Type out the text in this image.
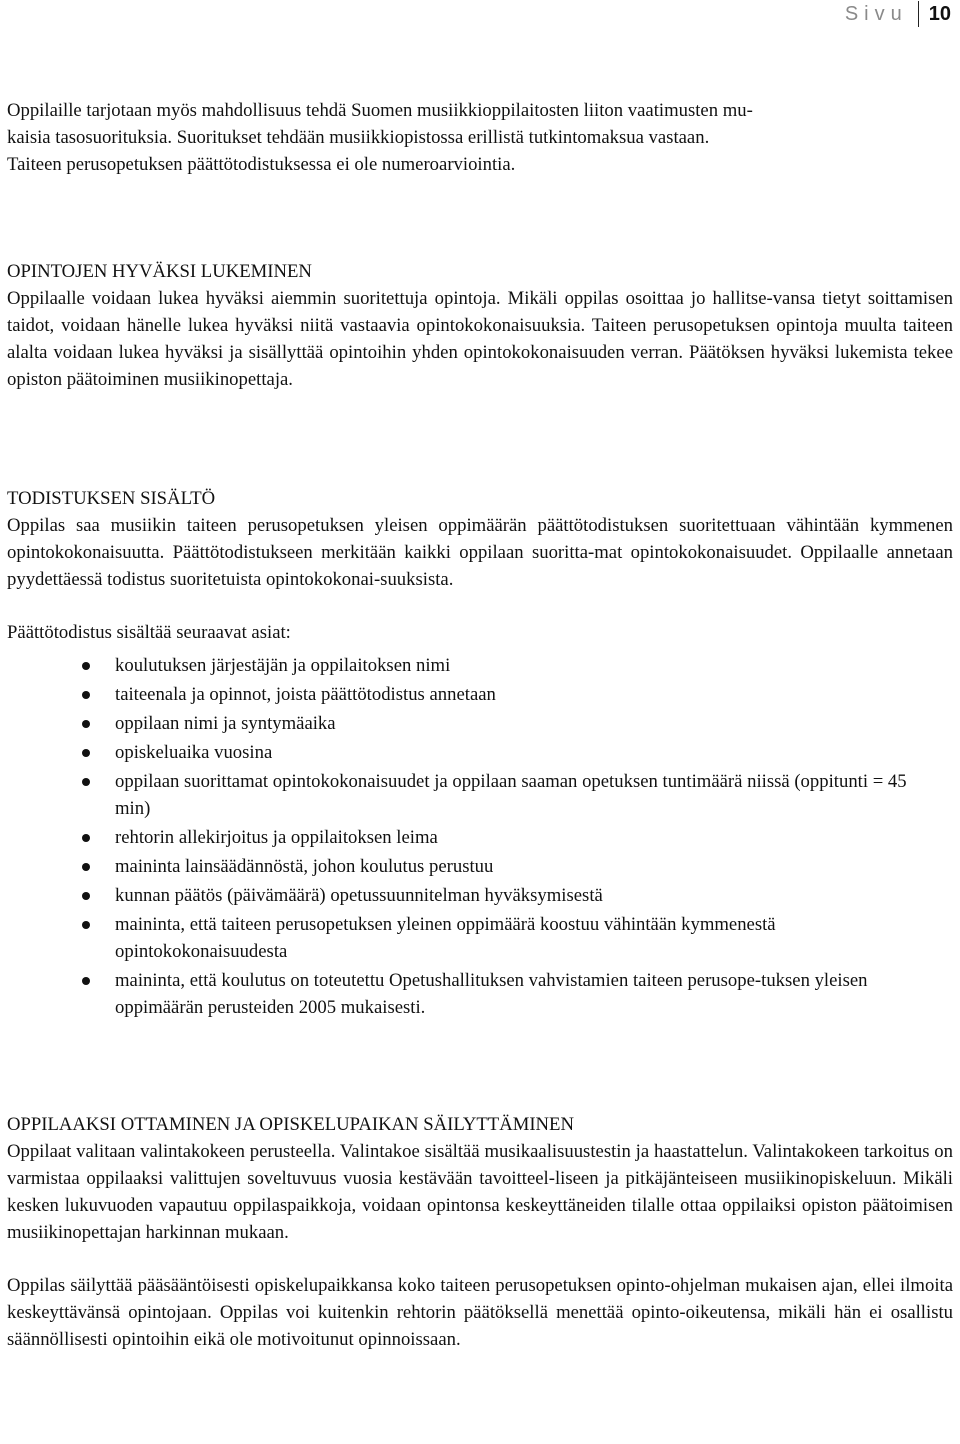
Sivu	10

Oppilaille tarjotaan myös mahdollisuus tehdä Suomen musiikkioppilaitosten liiton vaatimusten mu-

kaisia tasosuorituksia. Suoritukset tehdään musiikkiopistossa erillistä tutkintomaksua vastaan.

Taiteen perusopetuksen päättötodistuksessa ei ole numeroarviointia.

OPINTOJEN HYVÄKSI LUKEMINEN

Oppilaalle voidaan lukea hyväksi aiemmin suoritettuja opintoja. Mikäli oppilas osoittaa jo hallitse-vansa tietyt soittamisen taidot, voidaan hänelle lukea hyväksi niitä vastaavia opintokokonaisuuksia. Taiteen perusopetuksen opintoja muulta taiteen alalta voidaan lukea hyväksi ja sisällyttää opintoihin yhden opintokokonaisuuden verran. Päätöksen hyväksi lukemista tekee opiston päätoiminen musiikinopettaja.

TODISTUKSEN SISÄLTÖ

Oppilas saa musiikin taiteen perusopetuksen yleisen oppimäärän päättötodistuksen suoritettuaan vähintään kymmenen opintokokonaisuutta. Päättötodistukseen merkitään kaikki oppilaan suoritta-mat opintokokonaisuudet. Oppilaalle annetaan pyydettäessä todistus suoritetuista opintokokonai-suuksista.

Päättötodistus sisältää seuraavat asiat:

koulutuksen järjestäjän ja oppilaitoksen nimi
taiteenala ja opinnot, joista päättötodistus annetaan
oppilaan nimi ja syntymäaika
opiskeluaika vuosina
oppilaan suorittamat opintokokonaisuudet ja oppilaan saaman opetuksen tuntimäärä niissä (oppitunti = 45 min)
rehtorin allekirjoitus ja oppilaitoksen leima
maininta lainsäädännöstä, johon koulutus perustuu
kunnan päätös (päivämäärä) opetussuunnitelman hyväksymisestä
maininta, että taiteen perusopetuksen yleinen oppimäärä koostuu vähintään kymmenestä opintokokonaisuudesta
maininta, että koulutus on toteutettu Opetushallituksen vahvistamien taiteen perusope-tuksen yleisen oppimäärän perusteiden 2005 mukaisesti.
OPPILAAKSI OTTAMINEN JA OPISKELUPAIKAN SÄILYTTÄMINEN

Oppilaat valitaan valintakokeen perusteella. Valintakoe sisältää musikaalisuustestin ja haastattelun. Valintakokeen tarkoitus on varmistaa oppilaaksi valittujen soveltuvuus vuosia kestävään tavoitteel-liseen ja pitkäjänteiseen musiikinopiskeluun. Mikäli kesken lukuvuoden vapautuu oppilaspaikkoja, voidaan opintonsa keskeyttäneiden tilalle ottaa oppilaiksi opiston päätoimisen musiikinopettajan harkinnan mukaan.

Oppilas säilyttää pääsääntöisesti opiskelupaikkansa koko taiteen perusopetuksen opinto-ohjelman mukaisen ajan, ellei ilmoita keskeyttävänsä opintojaan. Oppilas voi kuitenkin rehtorin päätöksellä menettää opinto-oikeutensa, mikäli hän ei osallistu säännöllisesti opintoihin eikä ole motivoitunut opinnoissaan.
